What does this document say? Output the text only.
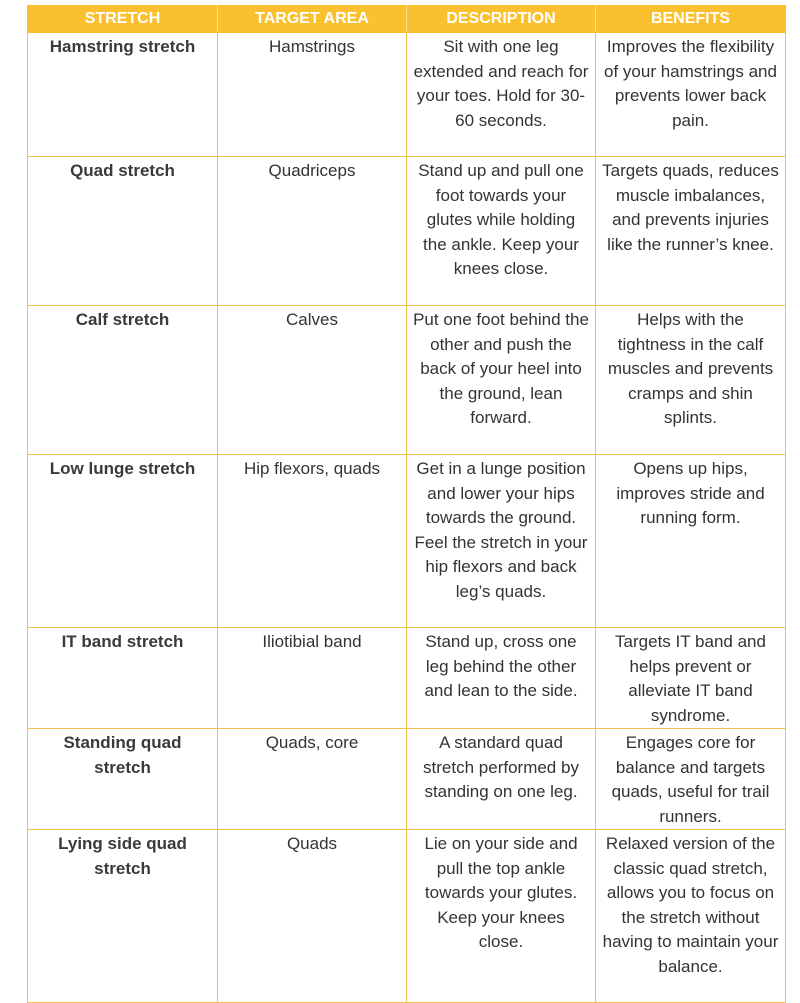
STRETCH	TARGET AREA	DESCRIPTION	BENEFITS
Hamstring stretch	Hamstrings	Sit with one leg extended and reach for your toes. Hold for 30-60 seconds.	Improves the flexibility of your hamstrings and prevents lower back pain.
Quad stretch	Quadriceps	Stand up and pull one foot towards your glutes while holding the ankle. Keep your knees close.	Targets quads, reduces muscle imbalances, and prevents injuries like the runner’s knee.
Calf stretch	Calves	Put one foot behind the other and push the back of your heel into the ground, lean forward.	Helps with the tightness in the calf muscles and prevents cramps and shin splints.
Low lunge stretch	Hip flexors, quads	Get in a lunge position and lower your hips towards the ground. Feel the stretch in your hip flexors and back leg’s quads.	Opens up hips, improves stride and running form.
IT band stretch	Iliotibial band	Stand up, cross one leg behind the other and lean to the side.	Targets IT band and helps prevent or alleviate IT band syndrome.
Standing quad stretch	Quads, core	A standard quad stretch performed by standing on one leg.	Engages core for balance and targets quads, useful for trail runners.
Lying side quad stretch	Quads	Lie on your side and pull the top ankle towards your glutes. Keep your knees close.	Relaxed version of the classic quad stretch, allows you to focus on the stretch without having to maintain your balance.
